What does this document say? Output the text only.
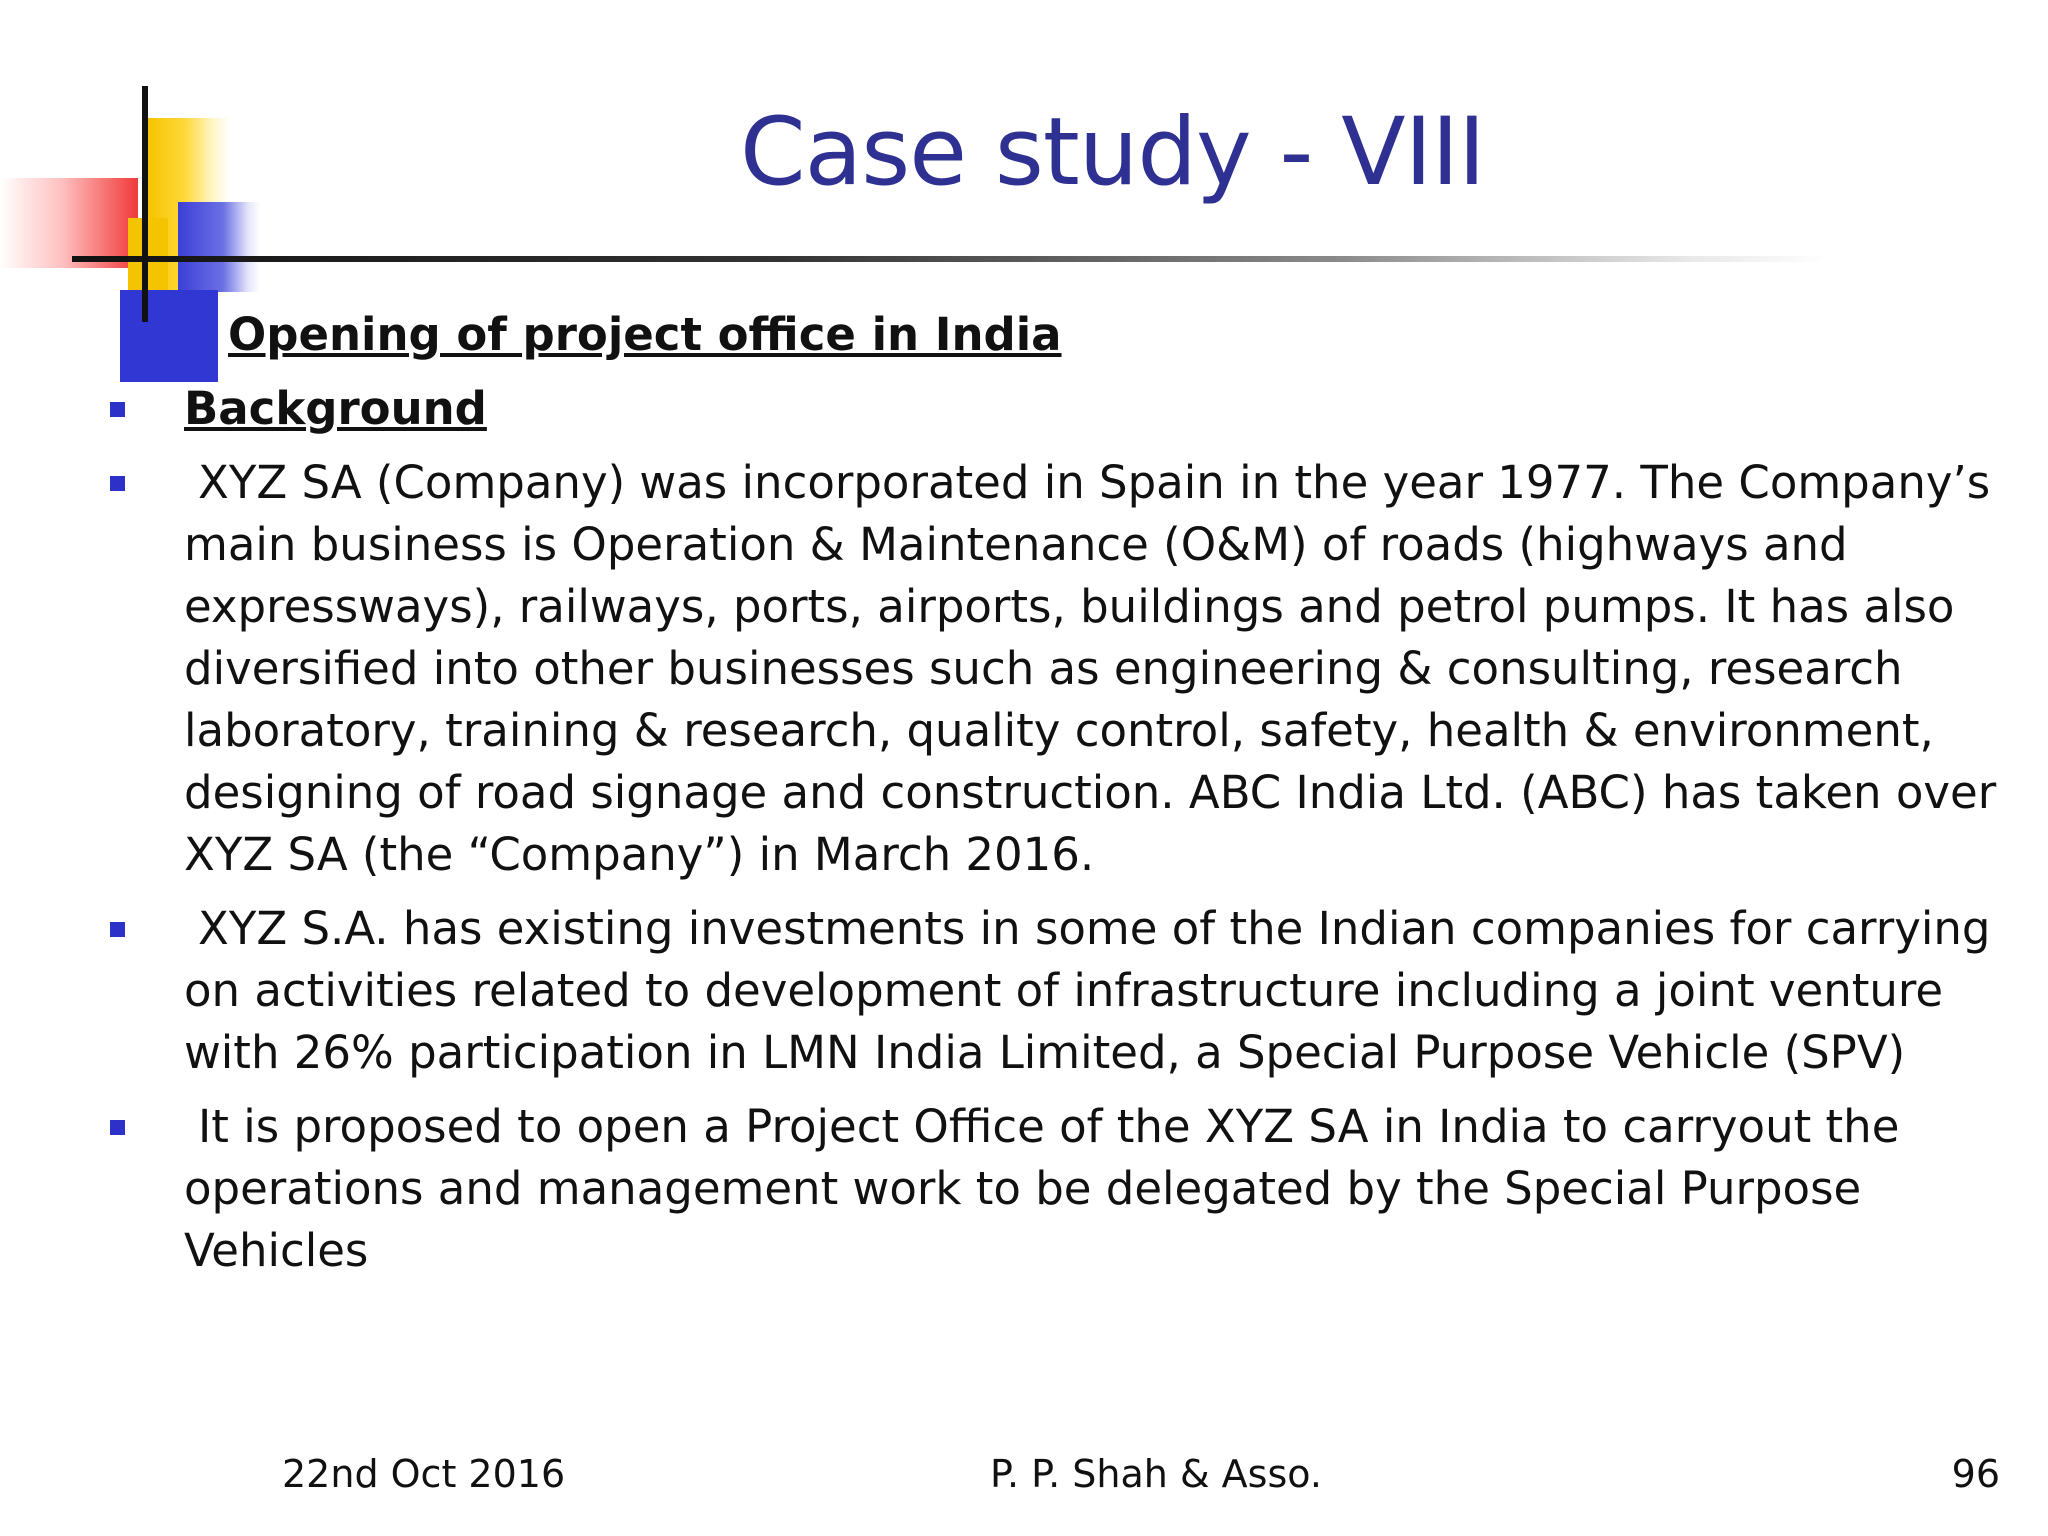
Case study - VIII
Opening of project office in India
Background
XYZ SA (Company) was incorporated in Spain in the year 1977. The Company’s main business is Operation & Maintenance (O&M) of roads (highways and expressways), railways, ports, airports, buildings and petrol pumps. It has also diversified into other businesses such as engineering & consulting, research laboratory, training & research, quality control, safety, health & environment, designing of road signage and construction. ABC India Ltd. (ABC) has taken over XYZ SA (the “Company”) in March 2016.
XYZ S.A. has existing investments in some of the Indian companies for carrying on activities related to development of infrastructure including a joint venture with 26% participation in LMN India Limited, a Special Purpose Vehicle (SPV)
It is proposed to open a Project Office of the XYZ SA in India to carryout the operations and management work to be delegated by the Special Purpose Vehicles
22nd Oct 2016	P. P. Shah & Asso.	96
